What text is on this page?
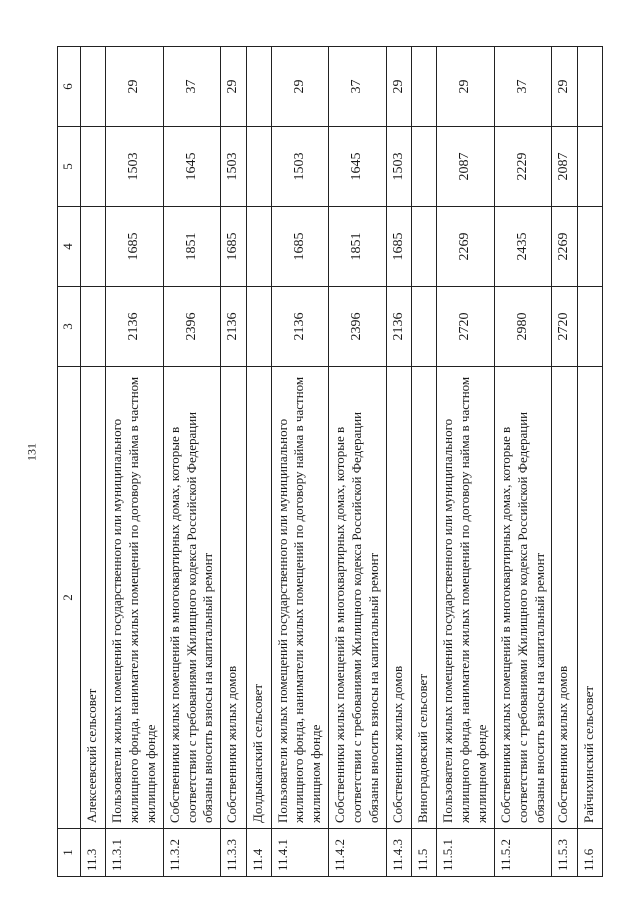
131
1	2	3	4	5	6
11.3	Алексеевский сельсовет				
11.3.1	Пользователи жилых помещений государственного или муниципального жилищного фонда, наниматели жилых помещений по договору найма в частном жилищном фонде	2136	1685	1503	29
11.3.2	Собственники жилых помещений в многоквартирных домах, которые в соответствии с требованиями Жилищного кодекса Российской Федерации обязаны вносить взносы на капитальный ремонт	2396	1851	1645	37
11.3.3	Собственники жилых домов	2136	1685	1503	29
11.4	Долдыканский сельсовет				
11.4.1	Пользователи жилых помещений государственного или муниципального жилищного фонда, наниматели жилых помещений по договору найма в частном жилищном фонде	2136	1685	1503	29
11.4.2	Собственники жилых помещений в многоквартирных домах, которые в соответствии с требованиями Жилищного кодекса Российской Федерации обязаны вносить взносы на капитальный ремонт	2396	1851	1645	37
11.4.3	Собственники жилых домов	2136	1685	1503	29
11.5	Виноградовский сельсовет				
11.5.1	Пользователи жилых помещений государственного или муниципального жилищного фонда, наниматели жилых помещений по договору найма в частном жилищном фонде	2720	2269	2087	29
11.5.2	Собственники жилых помещений в многоквартирных домах, которые в соответствии с требованиями Жилищного кодекса Российской Федерации обязаны вносить взносы на капитальный ремонт	2980	2435	2229	37
11.5.3	Собственники жилых домов	2720	2269	2087	29
11.6	Райчихинский сельсовет				
